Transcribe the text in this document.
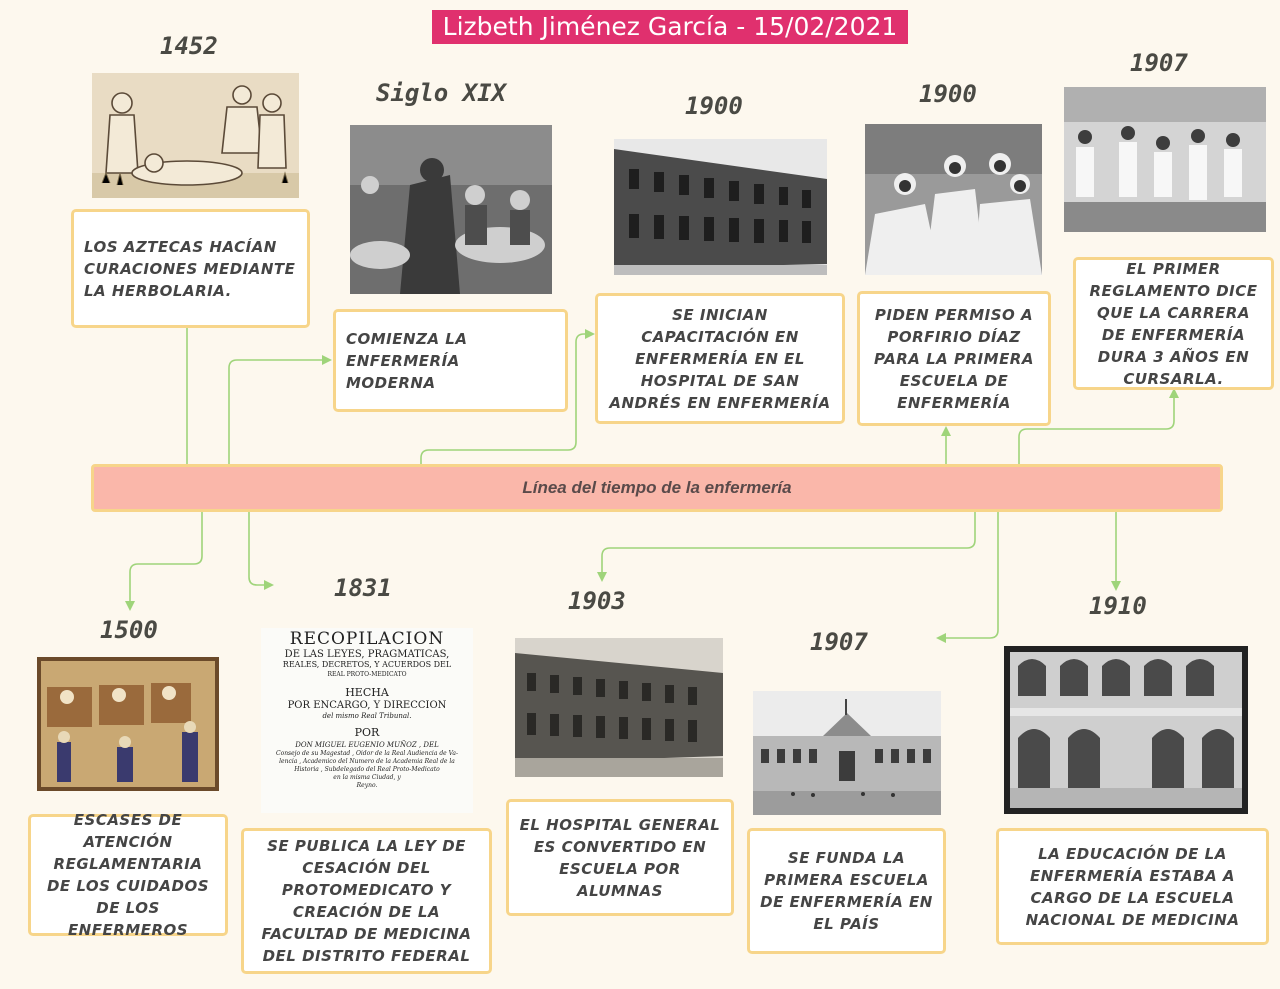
Lizbeth Jiménez García - 15/02/2021
Línea del tiempo de la enfermería
1452
LOS AZTECAS HACÍAN CURACIONES MEDIANTE LA HERBOLARIA.
Siglo XIX
COMIENZA LA ENFERMERÍA MODERNA
1900
SE INICIAN CAPACITACIÓN EN ENFERMERÍA EN EL HOSPITAL DE SAN ANDRÉS EN ENFERMERÍA
1900
PIDEN PERMISO A PORFIRIO DÍAZ PARA LA PRIMERA ESCUELA DE ENFERMERÍA
1907
EL PRIMER REGLAMENTO DICE QUE LA CARRERA DE ENFERMERÍA DURA 3 AÑOS EN CURSARLA.
1500
ESCASES DE ATENCIÓN REGLAMENTARIA DE LOS CUIDADOS DE LOS ENFERMEROS
1831
RECOPILACION
DE LAS LEYES, PRAGMATICAS,
REALES, DECRETOS, Y ACUERDOS DEL
REAL PROTO-MEDICATO
HECHA
POR ENCARGO, Y DIRECCION
del mismo Real Tribunal.
POR
DON MIGUEL EUGENIO MUÑOZ , DEL
Consejo de su Magestad , Oidor de la Real Audiencia de Va-
lencia , Academico del Numero de la Academia Real de la
Historia , Subdelegado del Real Proto-Medicato
en la misma Ciudad, y
Reyno.
SE PUBLICA LA LEY DE CESACIÓN DEL PROTOMEDICATO Y CREACIÓN DE LA FACULTAD DE MEDICINA DEL DISTRITO FEDERAL
1903
EL HOSPITAL GENERAL ES CONVERTIDO EN ESCUELA POR ALUMNAS
1907
SE FUNDA LA PRIMERA ESCUELA DE ENFERMERÍA EN EL PAÍS
1910
LA EDUCACIÓN DE LA ENFERMERÍA ESTABA A CARGO DE LA ESCUELA NACIONAL DE MEDICINA
